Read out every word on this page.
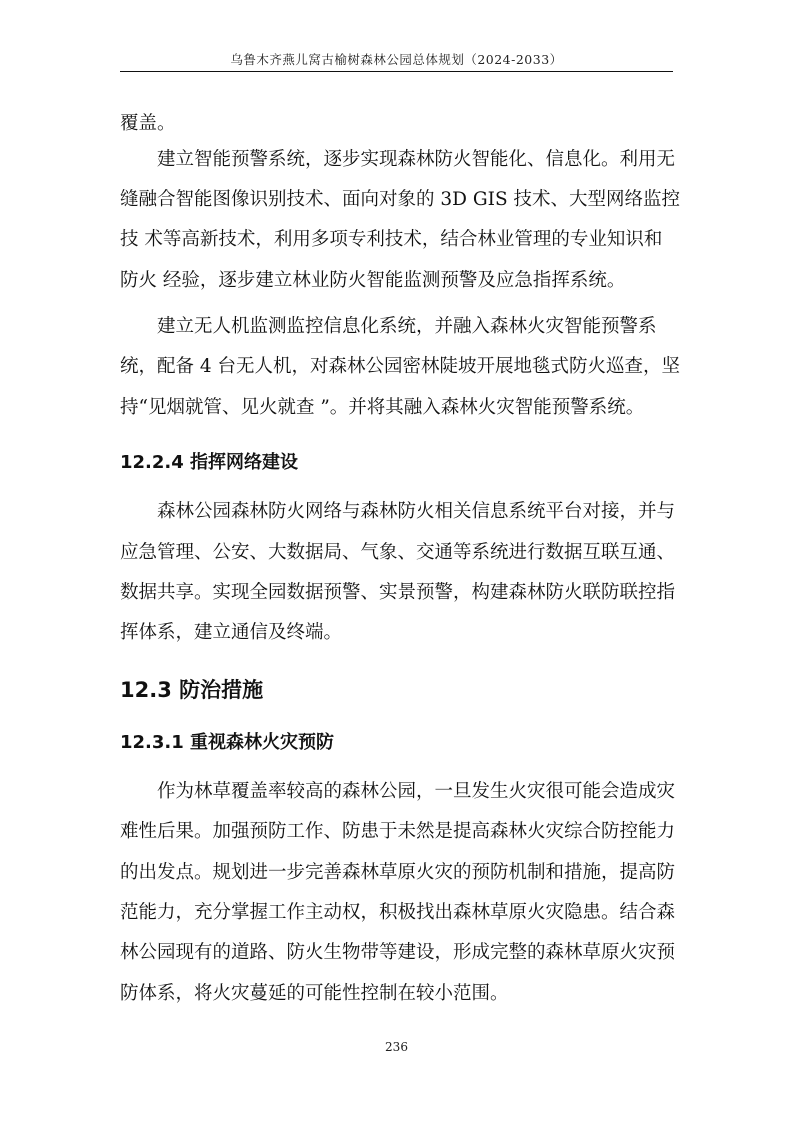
乌鲁木齐燕儿窝古榆树森林公园总体规划（2024-2033）
覆盖。
建立智能预警系统，逐步实现森林防火智能化、信息化。利用无
缝融合智能图像识别技术、面向对象的 3D GIS 技术、大型网络监控
技 术等高新技术，利用多项专利技术，结合林业管理的专业知识和
防火 经验，逐步建立林业防火智能监测预警及应急指挥系统。
建立无人机监测监控信息化系统，并融入森林火灾智能预警系
统，配备 4 台无人机，对森林公园密林陡坡开展地毯式防火巡查，坚
持“见烟就管、见火就查 ”。并将其融入森林火灾智能预警系统。
12.2.4 指挥网络建设
森林公园森林防火网络与森林防火相关信息系统平台对接，并与
应急管理、公安、大数据局、气象、交通等系统进行数据互联互通、
数据共享。实现全园数据预警、实景预警，构建森林防火联防联控指
挥体系，建立通信及终端。
12.3 防治措施
12.3.1 重视森林火灾预防
作为林草覆盖率较高的森林公园，一旦发生火灾很可能会造成灾
难性后果。加强预防工作、防患于未然是提高森林火灾综合防控能力
的出发点。规划进一步完善森林草原火灾的预防机制和措施，提高防
范能力，充分掌握工作主动权，积极找出森林草原火灾隐患。结合森
林公园现有的道路、防火生物带等建设，形成完整的森林草原火灾预
防体系，将火灾蔓延的可能性控制在较小范围。
236
